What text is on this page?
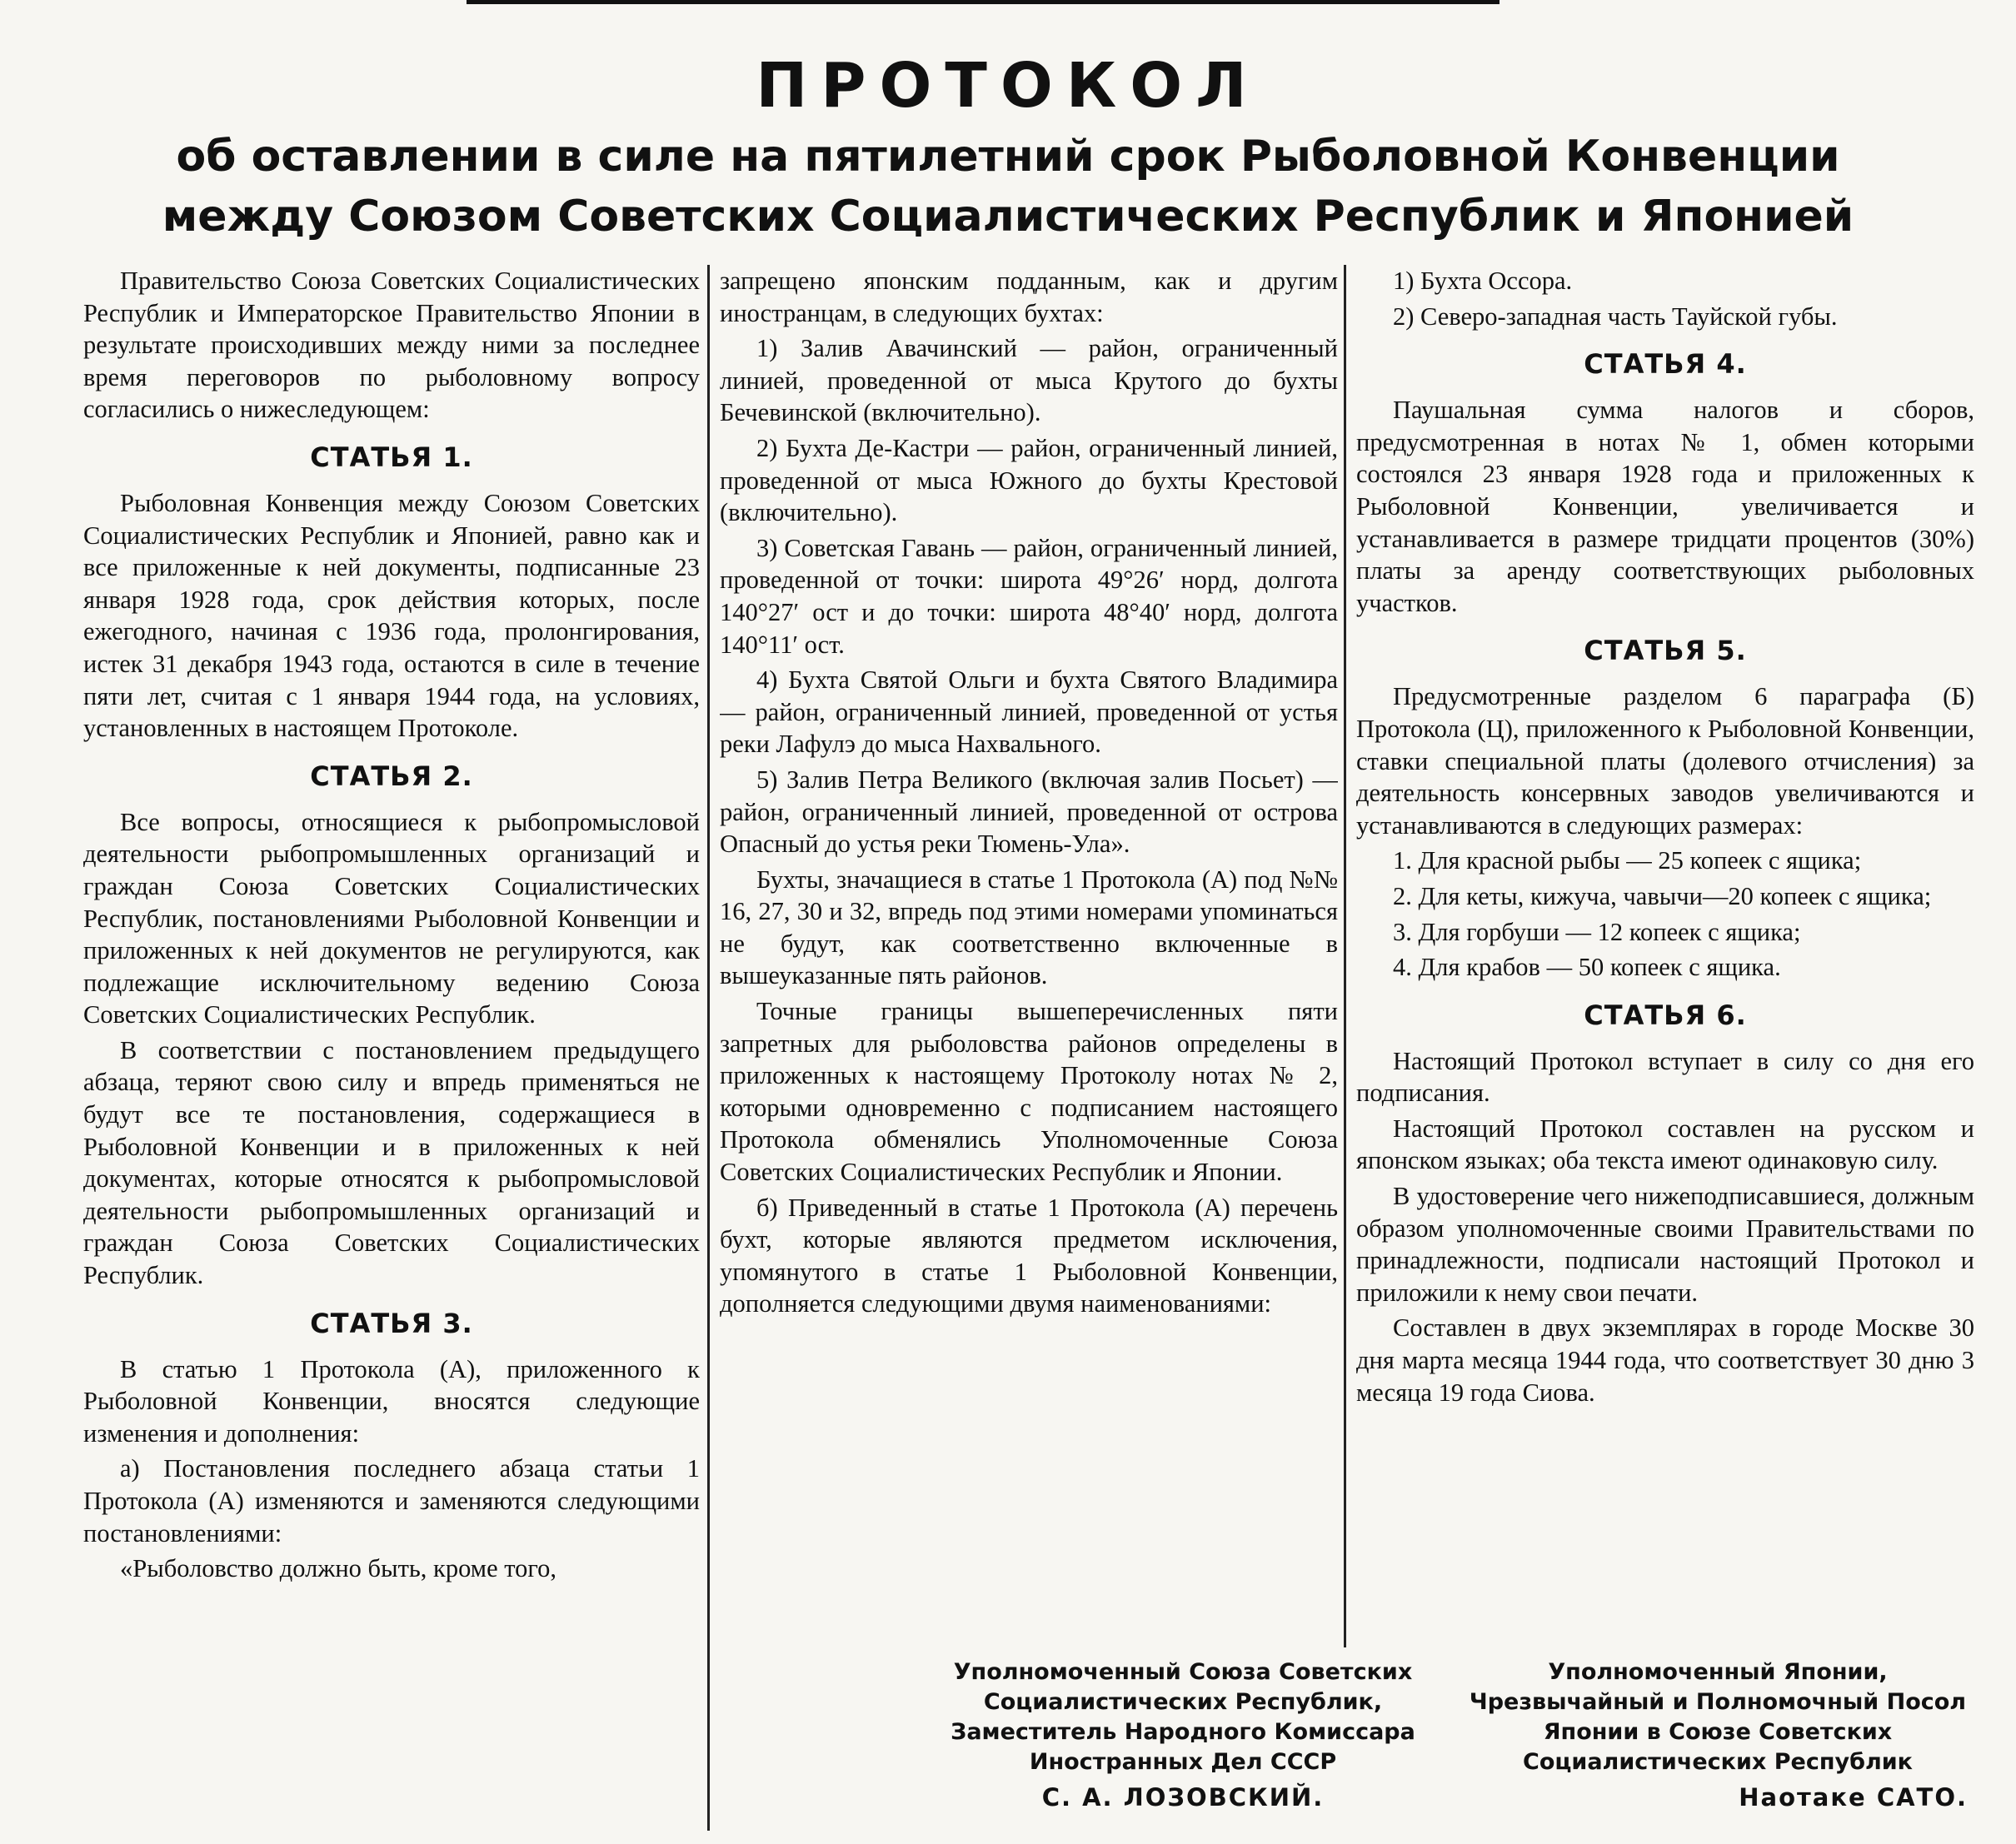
ПРОТОКОЛ
об оставлении в силе на пятилетний срок Рыболовной Конвенции между Союзом Советских Социалистических Республик и Японией

Правительство Союза Советских Социалистических Республик и Императорское Правительство Японии в результате происходивших между ними за последнее время переговоров по рыболовному вопросу согласились о нижеследующем:

СТАТЬЯ 1.

Рыболовная Конвенция между Союзом Советских Социалистических Республик и Японией, равно как и все приложенные к ней документы, подписанные 23 января 1928 года, срок действия которых, после ежегодного, начиная с 1936 года, пролонгирования, истек 31 декабря 1943 года, остаются в силе в течение пяти лет, считая с 1 января 1944 года, на условиях, установленных в настоящем Протоколе.

СТАТЬЯ 2.

Все вопросы, относящиеся к рыбопромысловой деятельности рыбопромышленных организаций и граждан Союза Советских Социалистических Республик, постановлениями Рыболовной Конвенции и приложенных к ней документов не регулируются, как подлежащие исключительному ведению Союза Советских Социалистических Республик.

В соответствии с постановлением предыдущего абзаца, теряют свою силу и впредь применяться не будут все те постановления, содержащиеся в Рыболовной Конвенции и в приложенных к ней документах, которые относятся к рыбопромысловой деятельности рыбопромышленных организаций и граждан Союза Советских Социалистических Республик.

СТАТЬЯ 3.

В статью 1 Протокола (А), приложенного к Рыболовной Конвенции, вносятся следующие изменения и дополнения:

а) Постановления последнего абзаца статьи 1 Протокола (А) изменяются и заменяются следующими постановлениями:

«Рыболовство должно быть, кроме того,

запрещено японским подданным, как и другим иностранцам, в следующих бухтах:

1) Залив Авачинский — район, ограниченный линией, проведенной от мыса Крутого до бухты Бечевинской (включительно).

2) Бухта Де-Кастри — район, ограниченный линией, проведенной от мыса Южного до бухты Крестовой (включительно).

3) Советская Гавань — район, ограниченный линией, проведенной от точки: широта 49°26′ норд, долгота 140°27′ ост и до точки: широта 48°40′ норд, долгота 140°11′ ост.

4) Бухта Святой Ольги и бухта Святого Владимира — район, ограниченный линией, проведенной от устья реки Лафулэ до мыса Нахвального.

5) Залив Петра Великого (включая залив Посьет) — район, ограниченный линией, проведенной от острова Опасный до устья реки Тюмень-Ула».

Бухты, значащиеся в статье 1 Протокола (А) под №№ 16, 27, 30 и 32, впредь под этими номерами упоминаться не будут, как соответственно включенные в вышеуказанные пять районов.

Точные границы вышеперечисленных пяти запретных для рыболовства районов определены в приложенных к настоящему Протоколу нотах № 2, которыми одновременно с подписанием настоящего Протокола обменялись Уполномоченные Союза Советских Социалистических Республик и Японии.

б) Приведенный в статье 1 Протокола (А) перечень бухт, которые являются предметом исключения, упомянутого в статье 1 Рыболовной Конвенции, дополняется следующими двумя наименованиями:

1) Бухта Оссора.

2) Северо-западная часть Тауйской губы.

СТАТЬЯ 4.

Паушальная сумма налогов и сборов, предусмотренная в нотах № 1, обмен которыми состоялся 23 января 1928 года и приложенных к Рыболовной Конвенции, увеличивается и устанавливается в размере тридцати процентов (30%) платы за аренду соответствующих рыболовных участков.

СТАТЬЯ 5.

Предусмотренные разделом 6 параграфа (Б) Протокола (Ц), приложенного к Рыболовной Конвенции, ставки специальной платы (долевого отчисления) за деятельность консервных заводов увеличиваются и устанавливаются в следующих размерах:

1. Для красной рыбы — 25 копеек с ящика;

2. Для кеты, кижуча, чавычи—20 копеек с ящика;

3. Для горбуши — 12 копеек с ящика;

4. Для крабов — 50 копеек с ящика.

СТАТЬЯ 6.

Настоящий Протокол вступает в силу со дня его подписания.

Настоящий Протокол составлен на русском и японском языках; оба текста имеют одинаковую силу.

В удостоверение чего нижеподписавшиеся, должным образом уполномоченные своими Правительствами по принадлежности, подписали настоящий Протокол и приложили к нему свои печати.

Составлен в двух экземплярах в городе Москве 30 дня марта месяца 1944 года, что соответствует 30 дню 3 месяца 19 года Сиова.

Уполномоченный Союза Советских Социалистических Республик, Заместитель Народного Комиссара Иностранных Дел СССР
С. А. ЛОЗОВСКИЙ.
Уполномоченный Японии, Чрезвычайный и Полномочный Посол Японии в Союзе Советских Социалистических Республик
Наотаке САТО.
